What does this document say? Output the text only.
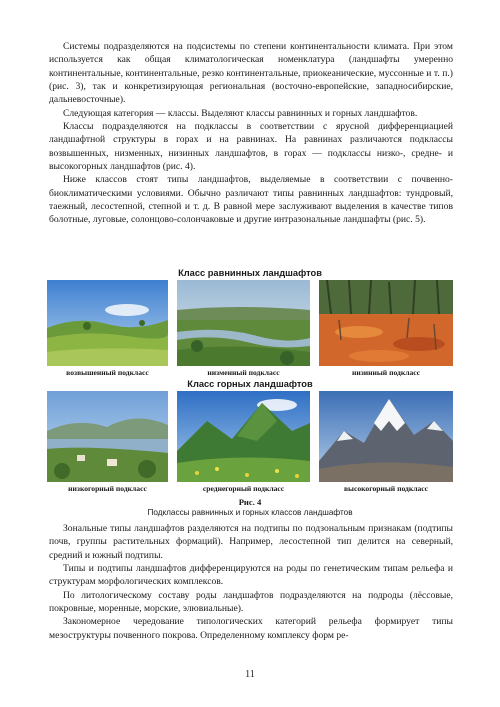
Системы подразделяются на подсистемы по степени континентальности климата. При этом используется как общая климатологическая номенклатура (ландшафты умеренно континентальные, континентальные, резко континентальные, приокеанические, муссонные и т. п.) (рис. 3), так и конкретизирующая региональная (восточно-европейские, западносибирские, дальневосточные).

Следующая категория — классы. Выделяют классы равнинных и горных ландшафтов.

Классы подразделяются на подклассы в соответствии с ярусной дифференциацией ландшафтной структуры в горах и на равнинах. На равнинах различаются подклассы возвышенных, низменных, низинных ландшафтов, в горах — подклассы низко-, средне- и высокогорных ландшафтов (рис. 4).

Ниже классов стоят типы ландшафтов, выделяемые в соответствии с почвенно-биоклиматическими условиями. Обычно различают типы равнинных ландшафтов: тундровый, таежный, лесостепной, степной и т. д. В равной мере заслуживают выделения в качестве типов болотные, луговые, солонцово-солончаковые и другие интразональные ландшафты (рис. 5).

Класс равнинных ландшафтов
возвышенный подкласс	низменный подкласс	низинный подкласс
Класс горных ландшафтов
низкогорный подкласс	среднегорный подкласс	высокогорный подкласс
Рис. 4
Подклассы равнинных и горных классов ландшафтов

Зональные типы ландшафтов разделяются на подтипы по подзональным признакам (подтипы почв, группы растительных формаций). Например, лесостепной тип делится на северный, средний и южный подтипы.

Типы и подтипы ландшафтов дифференцируются на роды по генетическим типам рельефа и структурам морфологических комплексов.

По литологическому составу роды ландшафтов подразделяются на подроды (лёссовые, покровные, моренные, морские, элювиальные).

Закономерное чередование типологических категорий рельефа формирует типы мезоструктуры почвенного покрова. Определенному комплексу форм ре-

11
